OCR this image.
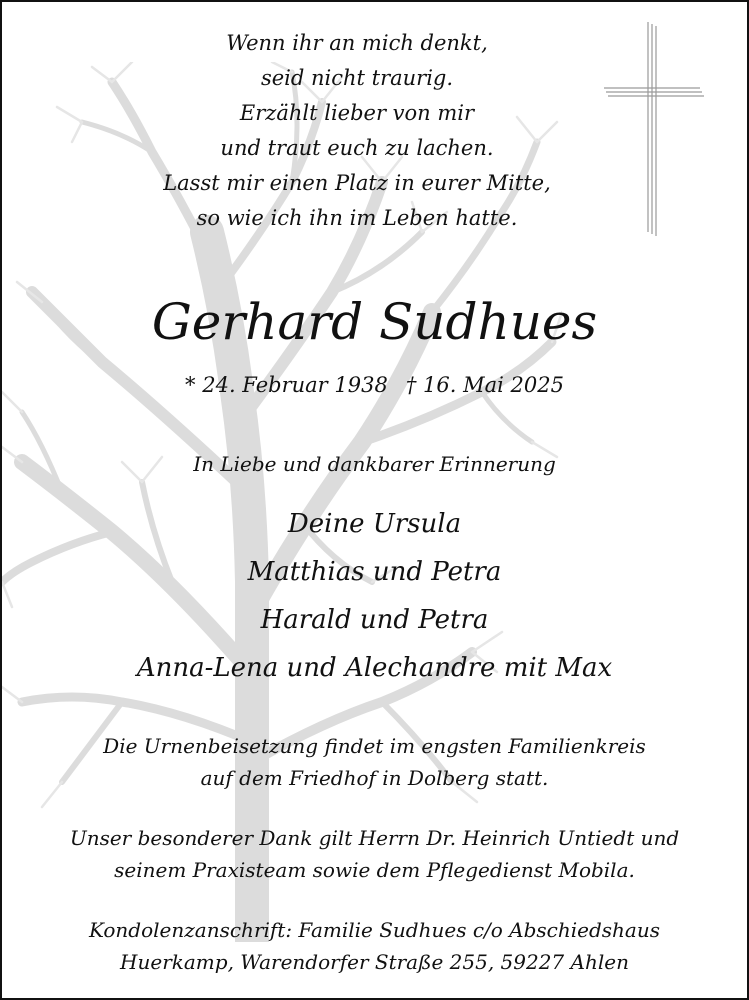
Wenn ihr an mich denkt,
seid nicht traurig.
Erzählt lieber von mir
und traut euch zu lachen.
Lasst mir einen Platz in eurer Mitte,
so wie ich ihn im Leben hatte.
Gerhard Sudhues
* 24. Februar 1938 † 16. Mai 2025
In Liebe und dankbarer Erinnerung
Deine Ursula
Matthias und Petra
Harald und Petra
Anna-Lena und Alechandre mit Max
Die Urnenbeisetzung findet im engsten Familienkreis
auf dem Friedhof in Dolberg statt.
Unser besonderer Dank gilt Herrn Dr. Heinrich Untiedt und
seinem Praxisteam sowie dem Pflegedienst Mobila.
Kondolenzanschrift: Familie Sudhues c/o Abschiedshaus
Huerkamp, Warendorfer Straße 255, 59227 Ahlen
